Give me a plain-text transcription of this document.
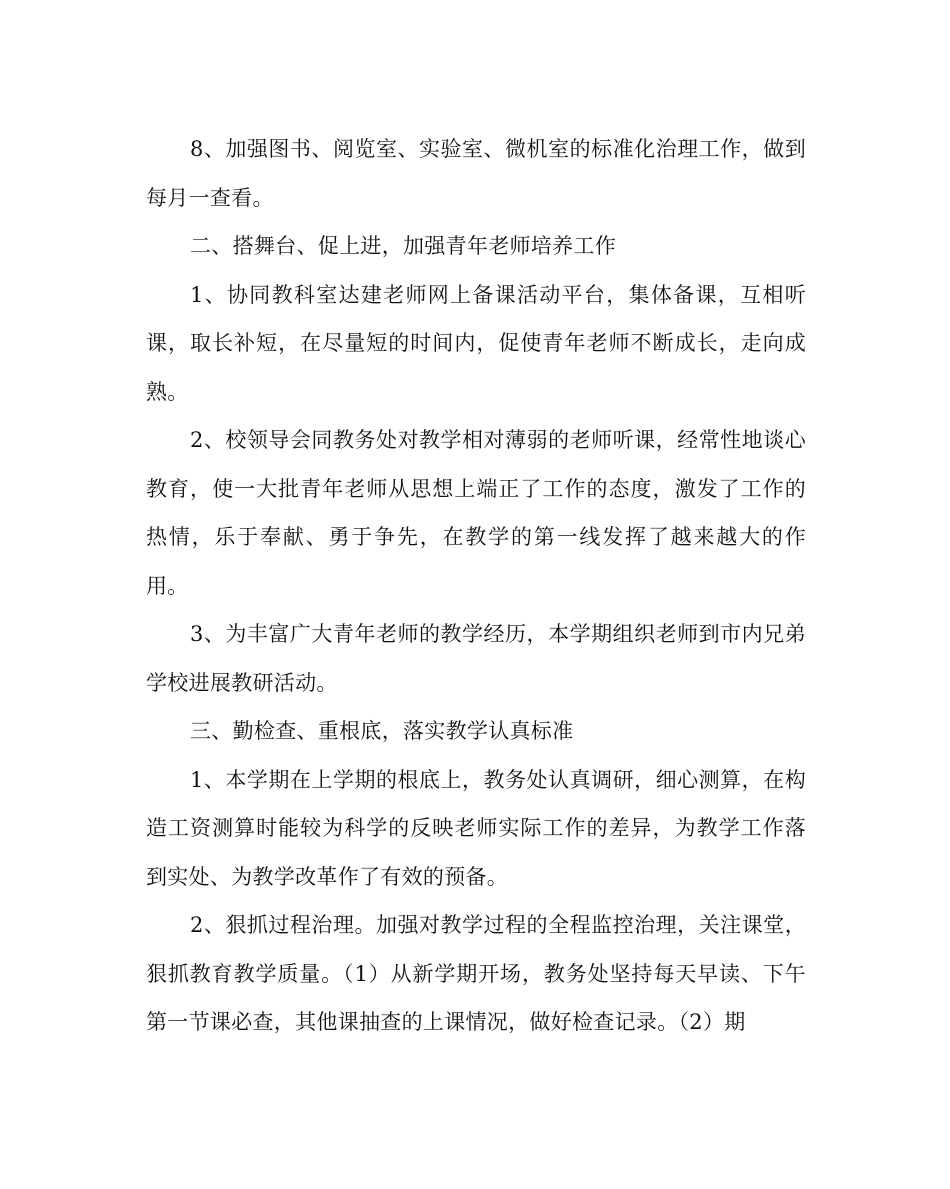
8、加强图书、阅览室、实验室、微机室的标准化治理工作，做到每月一查看。

二、搭舞台、促上进，加强青年老师培养工作

1、协同教科室达建老师网上备课活动平台，集体备课，互相听课，取长补短，在尽量短的时间内，促使青年老师不断成长，走向成熟。

2、校领导会同教务处对教学相对薄弱的老师听课，经常性地谈心教育，使一大批青年老师从思想上端正了工作的态度，激发了工作的热情，乐于奉献、勇于争先，在教学的第一线发挥了越来越大的作用。

3、为丰富广大青年老师的教学经历，本学期组织老师到市内兄弟学校进展教研活动。

三、勤检查、重根底，落实教学认真标准

1、本学期在上学期的根底上，教务处认真调研，细心测算，在构造工资测算时能较为科学的反映老师实际工作的差异，为教学工作落到实处、为教学改革作了有效的预备。

2、狠抓过程治理。加强对教学过程的全程监控治理，关注课堂，狠抓教育教学质量。（1）从新学期开场，教务处坚持每天早读、下午第一节课必查，其他课抽查的上课情况，做好检查记录。（2）期
